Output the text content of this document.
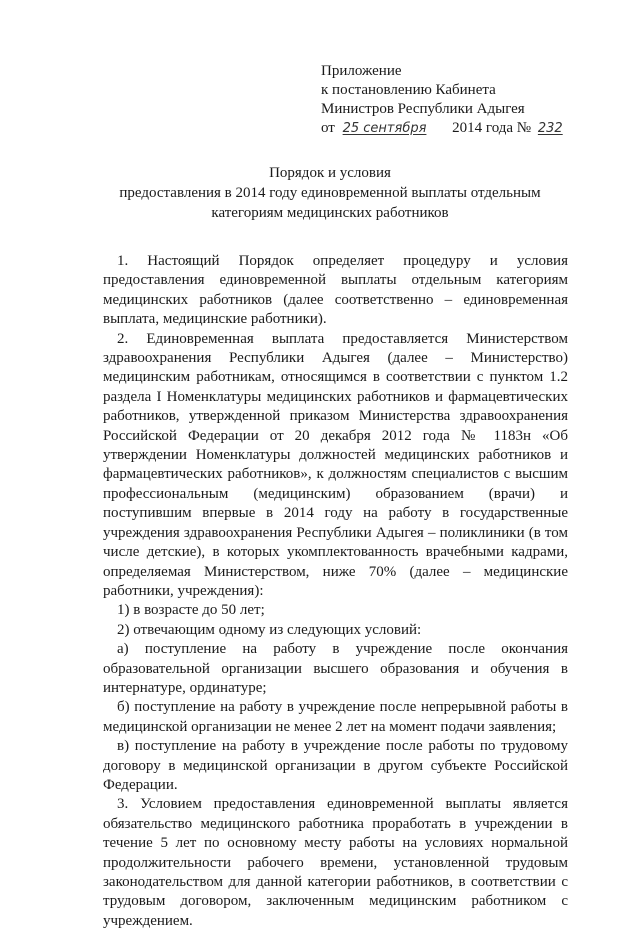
Приложение
к постановлению Кабинета
Министров Республики Адыгея
от 25 сентября 2014 года № 232
Порядок и условия
предоставления в 2014 году единовременной выплаты отдельным
категориям медицинских работников

1. Настоящий Порядок определяет процедуру и условия предоставления единовременной выплаты отдельным категориям медицинских работников (далее соответственно – единовременная выплата, медицинские работники).

2. Единовременная выплата предоставляется Министерством здравоохранения Республики Адыгея (далее – Министерство) медицинским работникам, относящимся в соответствии с пунктом 1.2 раздела I Номенклатуры медицинских работников и фармацевтических работников, утвержденной приказом Министерства здравоохранения Российской Федерации от 20 декабря 2012 года № 1183н «Об утверждении Номенклатуры должностей медицинских работников и фармацевтических работников», к должностям специалистов с высшим профессиональным (медицинским) образованием (врачи) и поступившим впервые в 2014 году на работу в государственные учреждения здравоохранения Республики Адыгея – поликлиники (в том числе детские), в которых укомплектованность врачебными кадрами, определяемая Министерством, ниже 70% (далее – медицинские работники, учреждения):

1) в возрасте до 50 лет;

2) отвечающим одному из следующих условий:

а) поступление на работу в учреждение после окончания образовательной организации высшего образования и обучения в интернатуре, ординатуре;

б) поступление на работу в учреждение после непрерывной работы в медицинской организации не менее 2 лет на момент подачи заявления;

в) поступление на работу в учреждение после работы по трудовому договору в медицинской организации в другом субъекте Российской Федерации.

3. Условием предоставления единовременной выплаты является обязательство медицинского работника проработать в учреждении в течение 5 лет по основному месту работы на условиях нормальной продолжительности рабочего времени, установленной трудовым законодательством для данной категории работников, в соответствии с трудовым договором, заключенным медицинским работником с учреждением.
